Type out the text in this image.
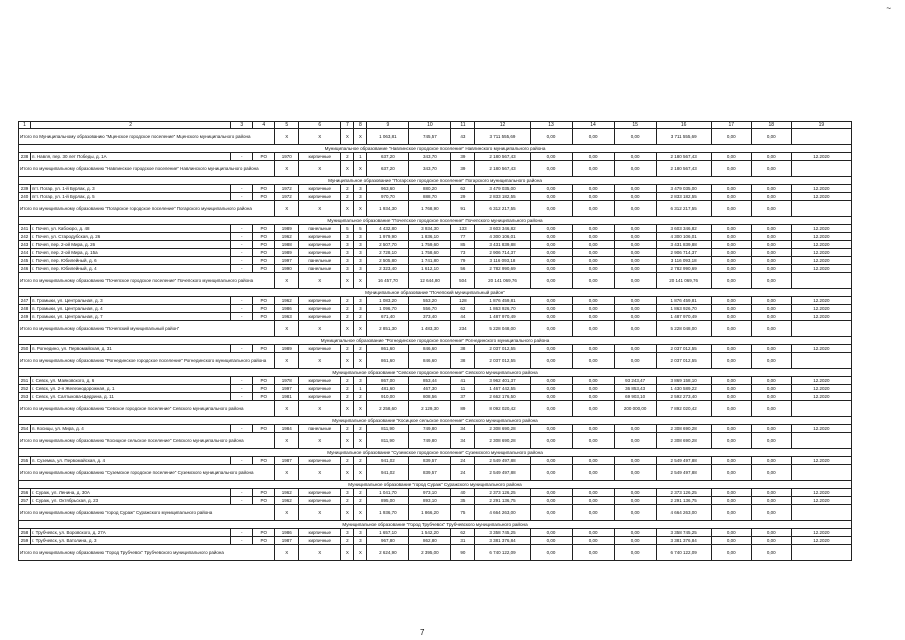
~
1	2	3	4	5	6	7	8	9	10	11	12	13	14	15	16	17	18	19
Итого по Муниципальному образованию "Мценское городское поселение" Мценского муниципального района				X	X	X	X	1 063,81	745,57	43	3 711 555,69	0,00	0,00	0,00	3 711 555,69	0,00	0,00	
Муниципальное образование "Навлинское городское поселение" Навлинского муниципального района																		
238	п. Навля, пер. 30 лет Победы, д. 1А	-	РО	1970	кирпичные	2	1	637,20	343,70	39	2 180 567,43	0,00	0,00	0,00	2 180 567,43	0,00	0,00	12.2020
Итого по муниципальному образованию "Навлинское городское поселение" Навлинского муниципального района				X	X	X	X	637,20	343,70	39	2 180 567,43	0,00	0,00	0,00	2 180 567,43	0,00	0,00	
Муниципальное образование "Погарское городское поселение" Погарского муниципального района																		
239	пгт. Погар, ул. 1-й Бурлак, д. 3	-	РО	1972	кирпичные	2	3	963,60	880,20	62	3 479 035,00	0,00	0,00	0,00	3 479 035,00	0,00	0,00	12.2020
240	пгт. Погар, ул. 1-й Бурлак, д. 5	-	РО	1972	кирпичные	2	3	970,70	888,70	29	2 833 182,55	0,00	0,00	0,00	2 833 182,55	0,00	0,00	12.2020
Итого по муниципальному образованию "Погарское городское поселение" Погарского муниципального района				X	X	X	X	1 934,30	1 768,90	91	6 312 217,55	0,00	0,00	0,00	6 312 217,55	0,00	0,00	
Муниципальное образование "Почепское городское поселение" Почепского муниципального района																		
241	г. Почеп, ул. Кабоюро, д. 48	-	РО	1989	панельные	5	5	4 432,80	3 934,30	133	3 603 346,82	0,00	0,00	0,00	3 603 346,82	0,00	0,00	12.2020
242	г. Почеп, ул. Стародубская, д. 26	-	РО	1962	кирпичные	3	3	1 979,90	1 836,10	77	4 300 106,01	0,00	0,00	0,00	4 300 106,01	0,00	0,00	12.2020
243	г. Почеп, пер. 2-ой Мира, д. 26	-	РО	1988	кирпичные	3	3	2 507,70	1 759,60	85	3 431 839,88	0,00	0,00	0,00	3 431 839,88	0,00	0,00	12.2020
244	г. Почеп, пер. 2-ой Мира, д. 15а	-	РО	1989	кирпичные	3	3	2 728,10	1 758,60	73	2 906 714,37	0,00	0,00	0,00	2 906 714,37	0,00	0,00	12.2020
245	г. Почеп, пер. Юбилейный, д. 6	-	РО	1997	панельные	3	3	2 505,80	1 741,80	79	3 116 093,18	0,00	0,00	0,00	3 116 093,18	0,00	0,00	12.2020
246	г. Почеп, пер. Юбилейный, д. 4	-	РО	1990	панельные	3	3	2 323,40	1 612,10	56	2 782 990,69	0,00	0,00	0,00	2 782 990,69	0,00	0,00	12.2020
Итого по муниципальному образованию "Почепское городское поселение" Почепского муниципального района				X	X	X	X	16 457,70	12 644,80	504	20 141 069,76	0,00	0,00	0,00	20 141 069,76	0,00	0,00	
Муниципальное образование "Почепский муниципальный район"																		
247	п. Громыки, ул. Центральная, д. 3	-	РО	1962	кирпичные	2	3	1 083,20	553,20	128	1 876 459,81	0,00	0,00	0,00	1 876 459,81	0,00	0,00	12.2020
248	п. Громыки, ул. Центральная, д. 4	-	РО	1986	кирпичные	2	3	1 096,70	556,70	62	1 863 926,70	0,00	0,00	0,00	1 863 926,70	0,00	0,00	12.2020
249	п. Громыки, ул. Центральная, д. 7	-	РО	1963	кирпичные	2	2	671,40	373,40	44	1 487 970,49	0,00	0,00	0,00	1 487 970,49	0,00	0,00	12.2020
Итого по муниципальному образованию "Почепский муниципальный район"				X	X	X	X	2 851,30	1 483,30	234	5 228 048,00	0,00	0,00	0,00	5 228 048,00	0,00	0,00	
Муниципальное образование "Рогнединское городское поселение" Рогнединского муниципального района																		
250	п. Рогнедино, ул. Первомайская, д. 31	-	РО	1989	кирпичные	2	2	861,60	846,60	38	2 037 012,55	0,00	0,00	0,00	2 037 012,55	0,00	0,00	12.2020
Итого по муниципальному образованию "Рогнединское городское поселение" Рогнединского муниципального района				X	X	X	X	861,60	846,60	38	2 037 012,55	0,00	0,00	0,00	2 037 012,55	0,00	0,00	
Муниципальное образование "Севское городское поселение" Севского муниципального района																		
251	г. Севск, ул. Маяковского, д. 6	-	РО	1978	кирпичные	2	3	867,00	853,44	41	3 962 401,37	0,00	0,00	93 243,47	3 869 158,10	0,00	0,00	12.2020
252	г. Севск, ул. 2-я Железнодорожная, д. 1	-	РО	1997	кирпичные	2	1	481,60	467,30	11	1 467 442,55	0,00	0,00	36 853,43	1 430 589,22	0,00	0,00	12.2020
253	г. Севск, ул. Салтыкова-Щедрина, д. 11	-	РО	1981	кирпичные	2	2	910,00	808,56	37	2 662 176,50	0,00	0,00	69 903,10	2 592 273,40	0,00	0,00	12.2020
Итого по муниципальному образованию "Севское городское поселение" Севского муниципального района				X	X	X	X	2 258,60	2 129,30	89	8 092 020,42	0,00	0,00	200 000,00	7 892 020,42	0,00	0,00	
Муниципальное образование "Косицкое сельское поселение" Севского муниципального района																		
254	п. Косицы, ул. Мира, д. 4	-	РО	1984	панельные	2	2	811,90	749,80	34	2 308 690,28	0,00	0,00	0,00	2 308 690,28	0,00	0,00	12.2020
Итого по муниципальному образованию "Косицкое сельское поселение" Севского муниципального района				X	X	X	X	811,90	749,80	34	2 308 690,28	0,00	0,00	0,00	2 308 690,28	0,00	0,00	
Муниципальное образование "Суземское городское поселение" Суземского муниципального района																		
255	п. Суземка, ул. Первомайская, д. 4	-	РО	1987	кирпичные	2	2	941,02	839,57	24	2 549 497,88	0,00	0,00	0,00	2 549 497,88	0,00	0,00	12.2020
Итого по муниципальному образованию "Суземское городское поселение" Суземского муниципального района				X	X	X	X	941,02	839,57	24	2 549 497,88	0,00	0,00	0,00	2 549 497,88	0,00	0,00	
Муниципальное образование "город Сураж" Суражского муниципального района																		
256	г. Сураж, ул. Ленина, д. 30А	-	РО	1962	кирпичные	3	2	1 041,70	973,10	40	2 373 126,25	0,00	0,00	0,00	2 373 126,25	0,00	0,00	12.2020
257	г. Сураж, ул. Октябрьская, д. 23	-	РО	1962	кирпичные	2	2	895,00	893,10	35	2 291 136,75	0,00	0,00	0,00	2 291 136,75	0,00	0,00	12.2020
Итого по муниципальному образованию "город Сураж" Суражского муниципального района				X	X	X	X	1 936,70	1 866,20	75	4 664 263,00	0,00	0,00	0,00	4 664 263,00	0,00	0,00	
Муниципальное образование "Город Трубчевск" Трубчевского муниципального района																		
258	г. Трубчевск, ул. Воровского, д. 27А	-	РО	1986	кирпичные	3	3	1 657,10	1 542,20	62	3 358 745,25	0,00	0,00	0,00	3 358 745,25	0,00	0,00	12.2020
259	г. Трубчевск, ул. Ватолина, д. 3	-	РО	1987	кирпичные	2	3	967,80	862,80	31	3 381 376,84	0,00	0,00	0,00	3 381 376,84	0,00	0,00	12.2020
Итого по муниципальному образованию "Город Трубчевск" Трубчевского муниципального района				X	X	X	X	2 624,90	2 395,00	90	6 740 122,09	0,00	0,00	0,00	6 740 122,09	0,00	0,00	
7
